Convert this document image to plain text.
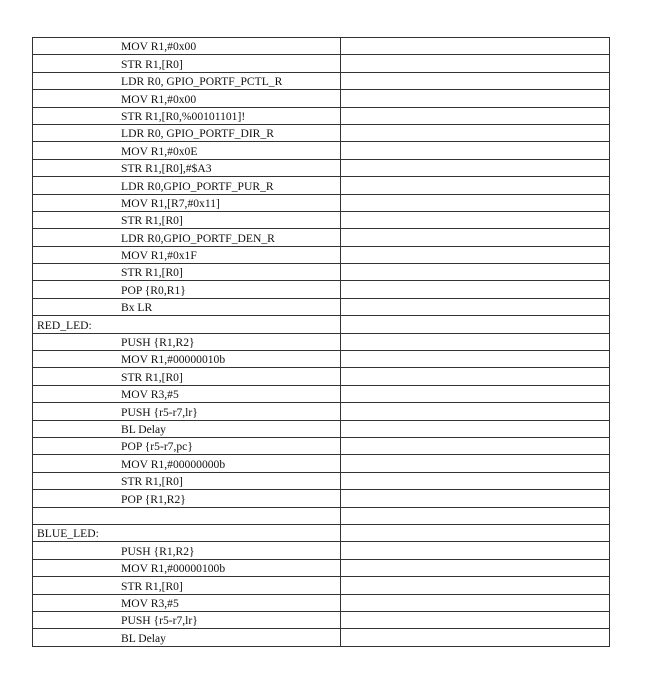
MOV R1,#0x00	
STR R1,[R0]	
LDR R0, GPIO_PORTF_PCTL_R	
MOV R1,#0x00	
STR R1,[R0,%00101101]!	
LDR R0, GPIO_PORTF_DIR_R	
MOV R1,#0x0E	
STR R1,[R0],#$A3	
LDR R0,GPIO_PORTF_PUR_R	
MOV R1,[R7,#0x11]	
STR R1,[R0]	
LDR R0,GPIO_PORTF_DEN_R	
MOV R1,#0x1F	
STR R1,[R0]	
POP {R0,R1}	
Bx LR	
RED_LED:	
PUSH {R1,R2}	
MOV R1,#00000010b	
STR R1,[R0]	
MOV R3,#5	
PUSH {r5-r7,lr}	
BL Delay	
POP {r5-r7,pc}	
MOV R1,#00000000b	
STR R1,[R0]	
POP {R1,R2}	

BLUE_LED:	
PUSH {R1,R2}	
MOV R1,#00000100b	
STR R1,[R0]	
MOV R3,#5	
PUSH {r5-r7,lr}	
BL Delay	
